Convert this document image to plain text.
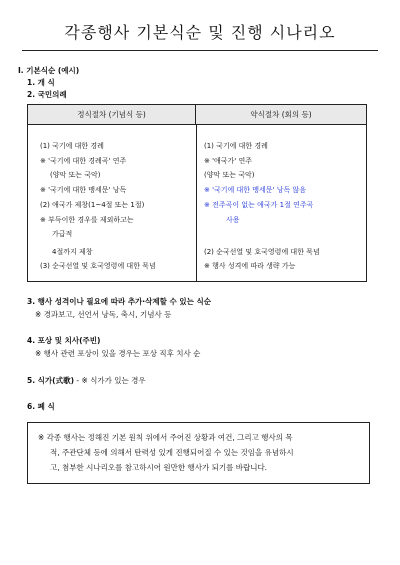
각종행사 기본식순 및 진행 시나리오
Ⅰ. 기본식순 (예시)
1. 개 식
2. 국민의례
정식절차 (기념식 등)	약식절차 (회의 등)
(1) 국기에 대한 경례
※ '국기에 대한 경례곡' 연주
(양악 또는 국악)
※ '국기에 대한 맹세문' 낭독
(2) 애국가 제창(1~4절 또는 1절)
※ 부득이한 경우를 제외하고는
가급적
4절까지 제창
(3) 순국선열 및 호국영령에 대한 묵념
(1) 국기에 대한 경례
※ '애국가' 연주
(양악 또는 국악)
※ '국기에 대한 맹세문' 낭독 않음
※ 전주곡이 없는 애국가 1절 연주곡
사용
(2) 순국선열 및 호국영령에 대한 묵념
※ 행사 성격에 따라 생략 가능
3. 행사 성격이나 필요에 따라 추가·삭제할 수 있는 식순
※ 경과보고, 선언서 낭독, 축시, 기념사 등
4. 포상 및 치사(주빈)
※ 행사 관련 포상이 있을 경우는 포상 직후 치사 순
5. 식가(式歌) - ※ 식가가 있는 경우
6. 폐 식
※ 각종 행사는 정해진 기본 원칙 위에서 주어진 상황과 여건, 그리고 행사의 목
적, 주관단체 등에 의해서 탄력성 있게 진행되어질 수 있는 것임을 유념하시
고, 첨부한 시나리오를 참고하시어 원만한 행사가 되기를 바랍니다.
